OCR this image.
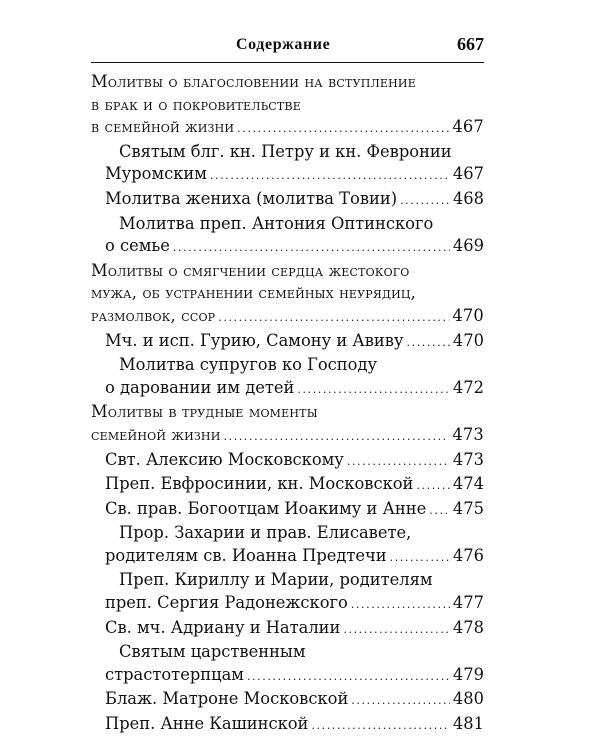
Содержание	667
Молитвы о благословении на вступление
в брак и о покровительстве
в семейной жизни .....	467
Святым блг. кн. Петру и кн. Февронии
Муромским .....	467
Молитва жениха (молитва Товии) .....	468
Молитва преп. Антония Оптинского
о семье .....	469
Молитвы о смягчении сердца жестокого
мужа, об устранении семейных неурядиц,
размолвок, ссор .....	470
Мч. и исп. Гурию, Самону и Авиву .....	470
Молитва супругов ко Господу
о даровании им детей .....	472
Молитвы в трудные моменты
семейной жизни .....	473
Свт. Алексию Московскому .....	473
Преп. Евфросинии, кн. Московской ..... 474
Св. прав. Богоотцам Иоакиму и Анне ..... 475
Прор. Захарии и прав. Елисавете,
родителям св. Иоанна Предтечи .....	476
Преп. Кириллу и Марии, родителям
преп. Сергия Радонежского .....	477
Св. мч. Адриану и Наталии .....	478
Святым царственным
страстотерпцам .....	479
Блаж. Матроне Московской .....	480
Преп. Анне Кашинской .....	481
